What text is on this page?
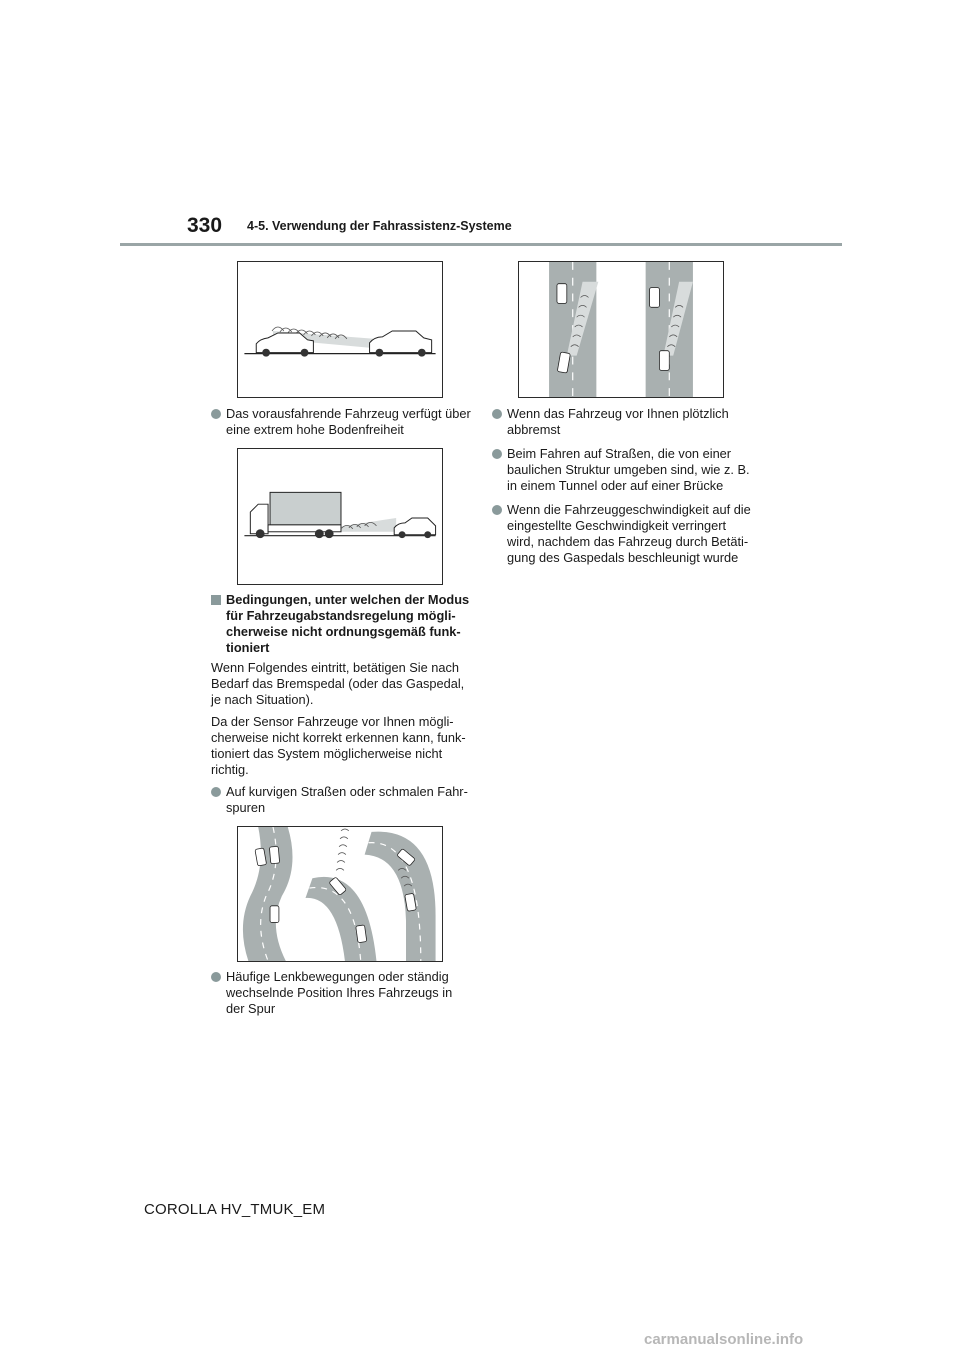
330 4-5. Verwendung der Fahrassistenz-Systeme
Das vorausfahrende Fahrzeug verfügt über eine extrem hohe Bodenfreiheit
Bedingungen, unter welchen der Modus für Fahrzeugabstandsregelung mögli-cherweise nicht ordnungsgemäß funk-tioniert

Wenn Folgendes eintritt, betätigen Sie nach Bedarf das Bremspedal (oder das Gaspedal, je nach Situation).

Da der Sensor Fahrzeuge vor Ihnen mögli-cherweise nicht korrekt erkennen kann, funk-tioniert das System möglicherweise nicht richtig.

Auf kurvigen Straßen oder schmalen Fahr-spuren
Häufige Lenkbewegungen oder ständig wechselnde Position Ihres Fahrzeugs in der Spur
Wenn das Fahrzeug vor Ihnen plötzlich abbremst
Beim Fahren auf Straßen, die von einer baulichen Struktur umgeben sind, wie z. B. in einem Tunnel oder auf einer Brücke
Wenn die Fahrzeuggeschwindigkeit auf die eingestellte Geschwindigkeit verringert wird, nachdem das Fahrzeug durch Betäti-gung des Gaspedals beschleunigt wurde
COROLLA HV_TMUK_EM
carmanualsonline.info
